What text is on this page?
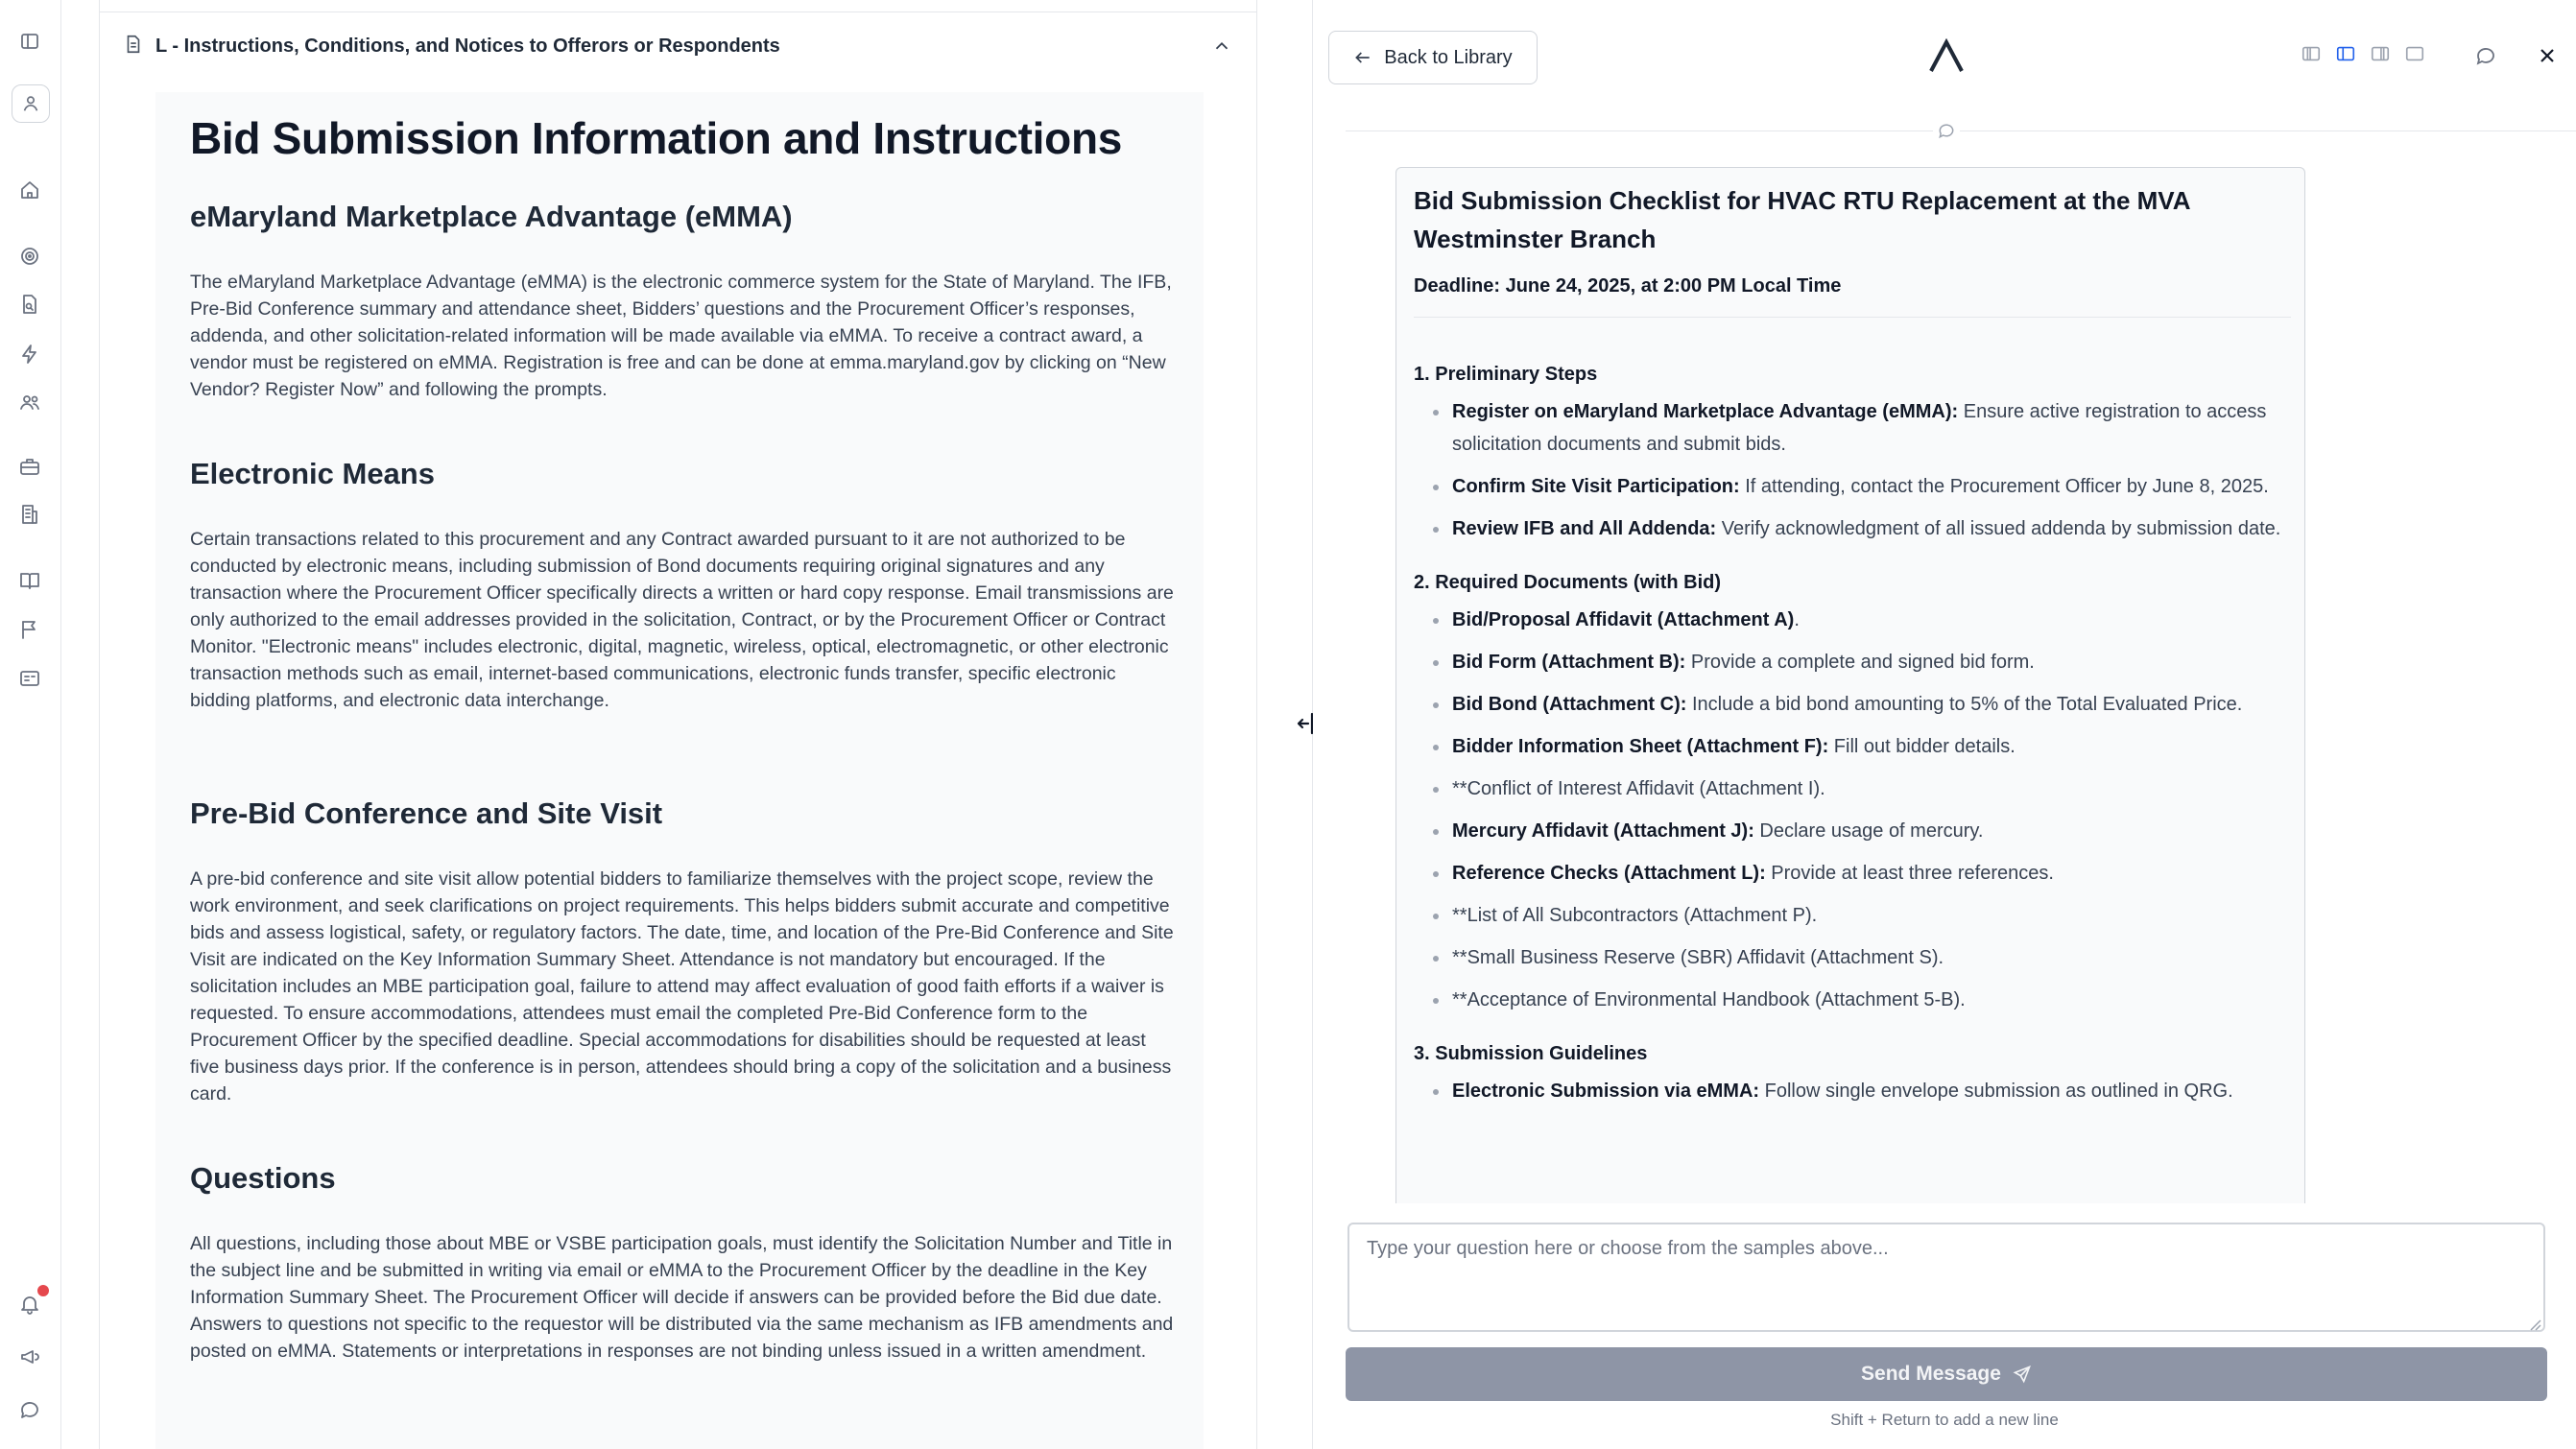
L - Instructions, Conditions, and Notices to Offerors or Respondents
Bid Submission Information and Instructions
eMaryland Marketplace Advantage (eMMA)

The eMaryland Marketplace Advantage (eMMA) is the electronic commerce system for the State of Maryland. The IFB, Pre-Bid Conference summary and attendance sheet, Bidders’ questions and the Procurement Officer’s responses, addenda, and other solicitation-related information will be made available via eMMA. To receive a contract award, a vendor must be registered on eMMA. Registration is free and can be done at emma.maryland.gov by clicking on “New Vendor? Register Now” and following the prompts.

Electronic Means

Certain transactions related to this procurement and any Contract awarded pursuant to it are not authorized to be conducted by electronic means, including submission of Bond documents requiring original signatures and any transaction where the Procurement Officer specifically directs a written or hard copy response. Email transmissions are only authorized to the email addresses provided in the solicitation, Contract, or by the Procurement Officer or Contract Monitor. "Electronic means" includes electronic, digital, magnetic, wireless, optical, electromagnetic, or other electronic transaction methods such as email, internet-based communications, electronic funds transfer, specific electronic bidding platforms, and electronic data interchange.

Pre-Bid Conference and Site Visit

A pre-bid conference and site visit allow potential bidders to familiarize themselves with the project scope, review the work environment, and seek clarifications on project requirements. This helps bidders submit accurate and competitive bids and assess logistical, safety, or regulatory factors. The date, time, and location of the Pre-Bid Conference and Site Visit are indicated on the Key Information Summary Sheet. Attendance is not mandatory but encouraged. If the solicitation includes an MBE participation goal, failure to attend may affect evaluation of good faith efforts if a waiver is requested. To ensure accommodations, attendees must email the completed Pre-Bid Conference form to the Procurement Officer by the specified deadline. Special accommodations for disabilities should be requested at least five business days prior. If the conference is in person, attendees should bring a copy of the solicitation and a business card.

Questions

All questions, including those about MBE or VSBE participation goals, must identify the Solicitation Number and Title in the subject line and be submitted in writing via email or eMMA to the Procurement Officer by the deadline in the Key Information Summary Sheet. The Procurement Officer will decide if answers can be provided before the Bid due date. Answers to questions not specific to the requestor will be distributed via the same mechanism as IFB amendments and posted on eMMA. Statements or interpretations in responses are not binding unless issued in a written amendment.

Back to Library
Bid Submission Checklist for HVAC RTU Replacement at the MVA Westminster Branch
Deadline: June 24, 2025, at 2:00 PM Local Time
1. Preliminary Steps
Register on eMaryland Marketplace Advantage (eMMA): Ensure active registration to access solicitation documents and submit bids.
Confirm Site Visit Participation: If attending, contact the Procurement Officer by June 8, 2025.
Review IFB and All Addenda: Verify acknowledgment of all issued addenda by submission date.
2. Required Documents (with Bid)
Bid/Proposal Affidavit (Attachment A).
Bid Form (Attachment B): Provide a complete and signed bid form.
Bid Bond (Attachment C): Include a bid bond amounting to 5% of the Total Evaluated Price.
Bidder Information Sheet (Attachment F): Fill out bidder details.
**Conflict of Interest Affidavit (Attachment I).
Mercury Affidavit (Attachment J): Declare usage of mercury.
Reference Checks (Attachment L): Provide at least three references.
**List of All Subcontractors (Attachment P).
**Small Business Reserve (SBR) Affidavit (Attachment S).
**Acceptance of Environmental Handbook (Attachment 5-B).
3. Submission Guidelines
Electronic Submission via eMMA: Follow single envelope submission as outlined in QRG.
Type your question here or choose from the samples above...
Send Message
Shift + Return to add a new line
